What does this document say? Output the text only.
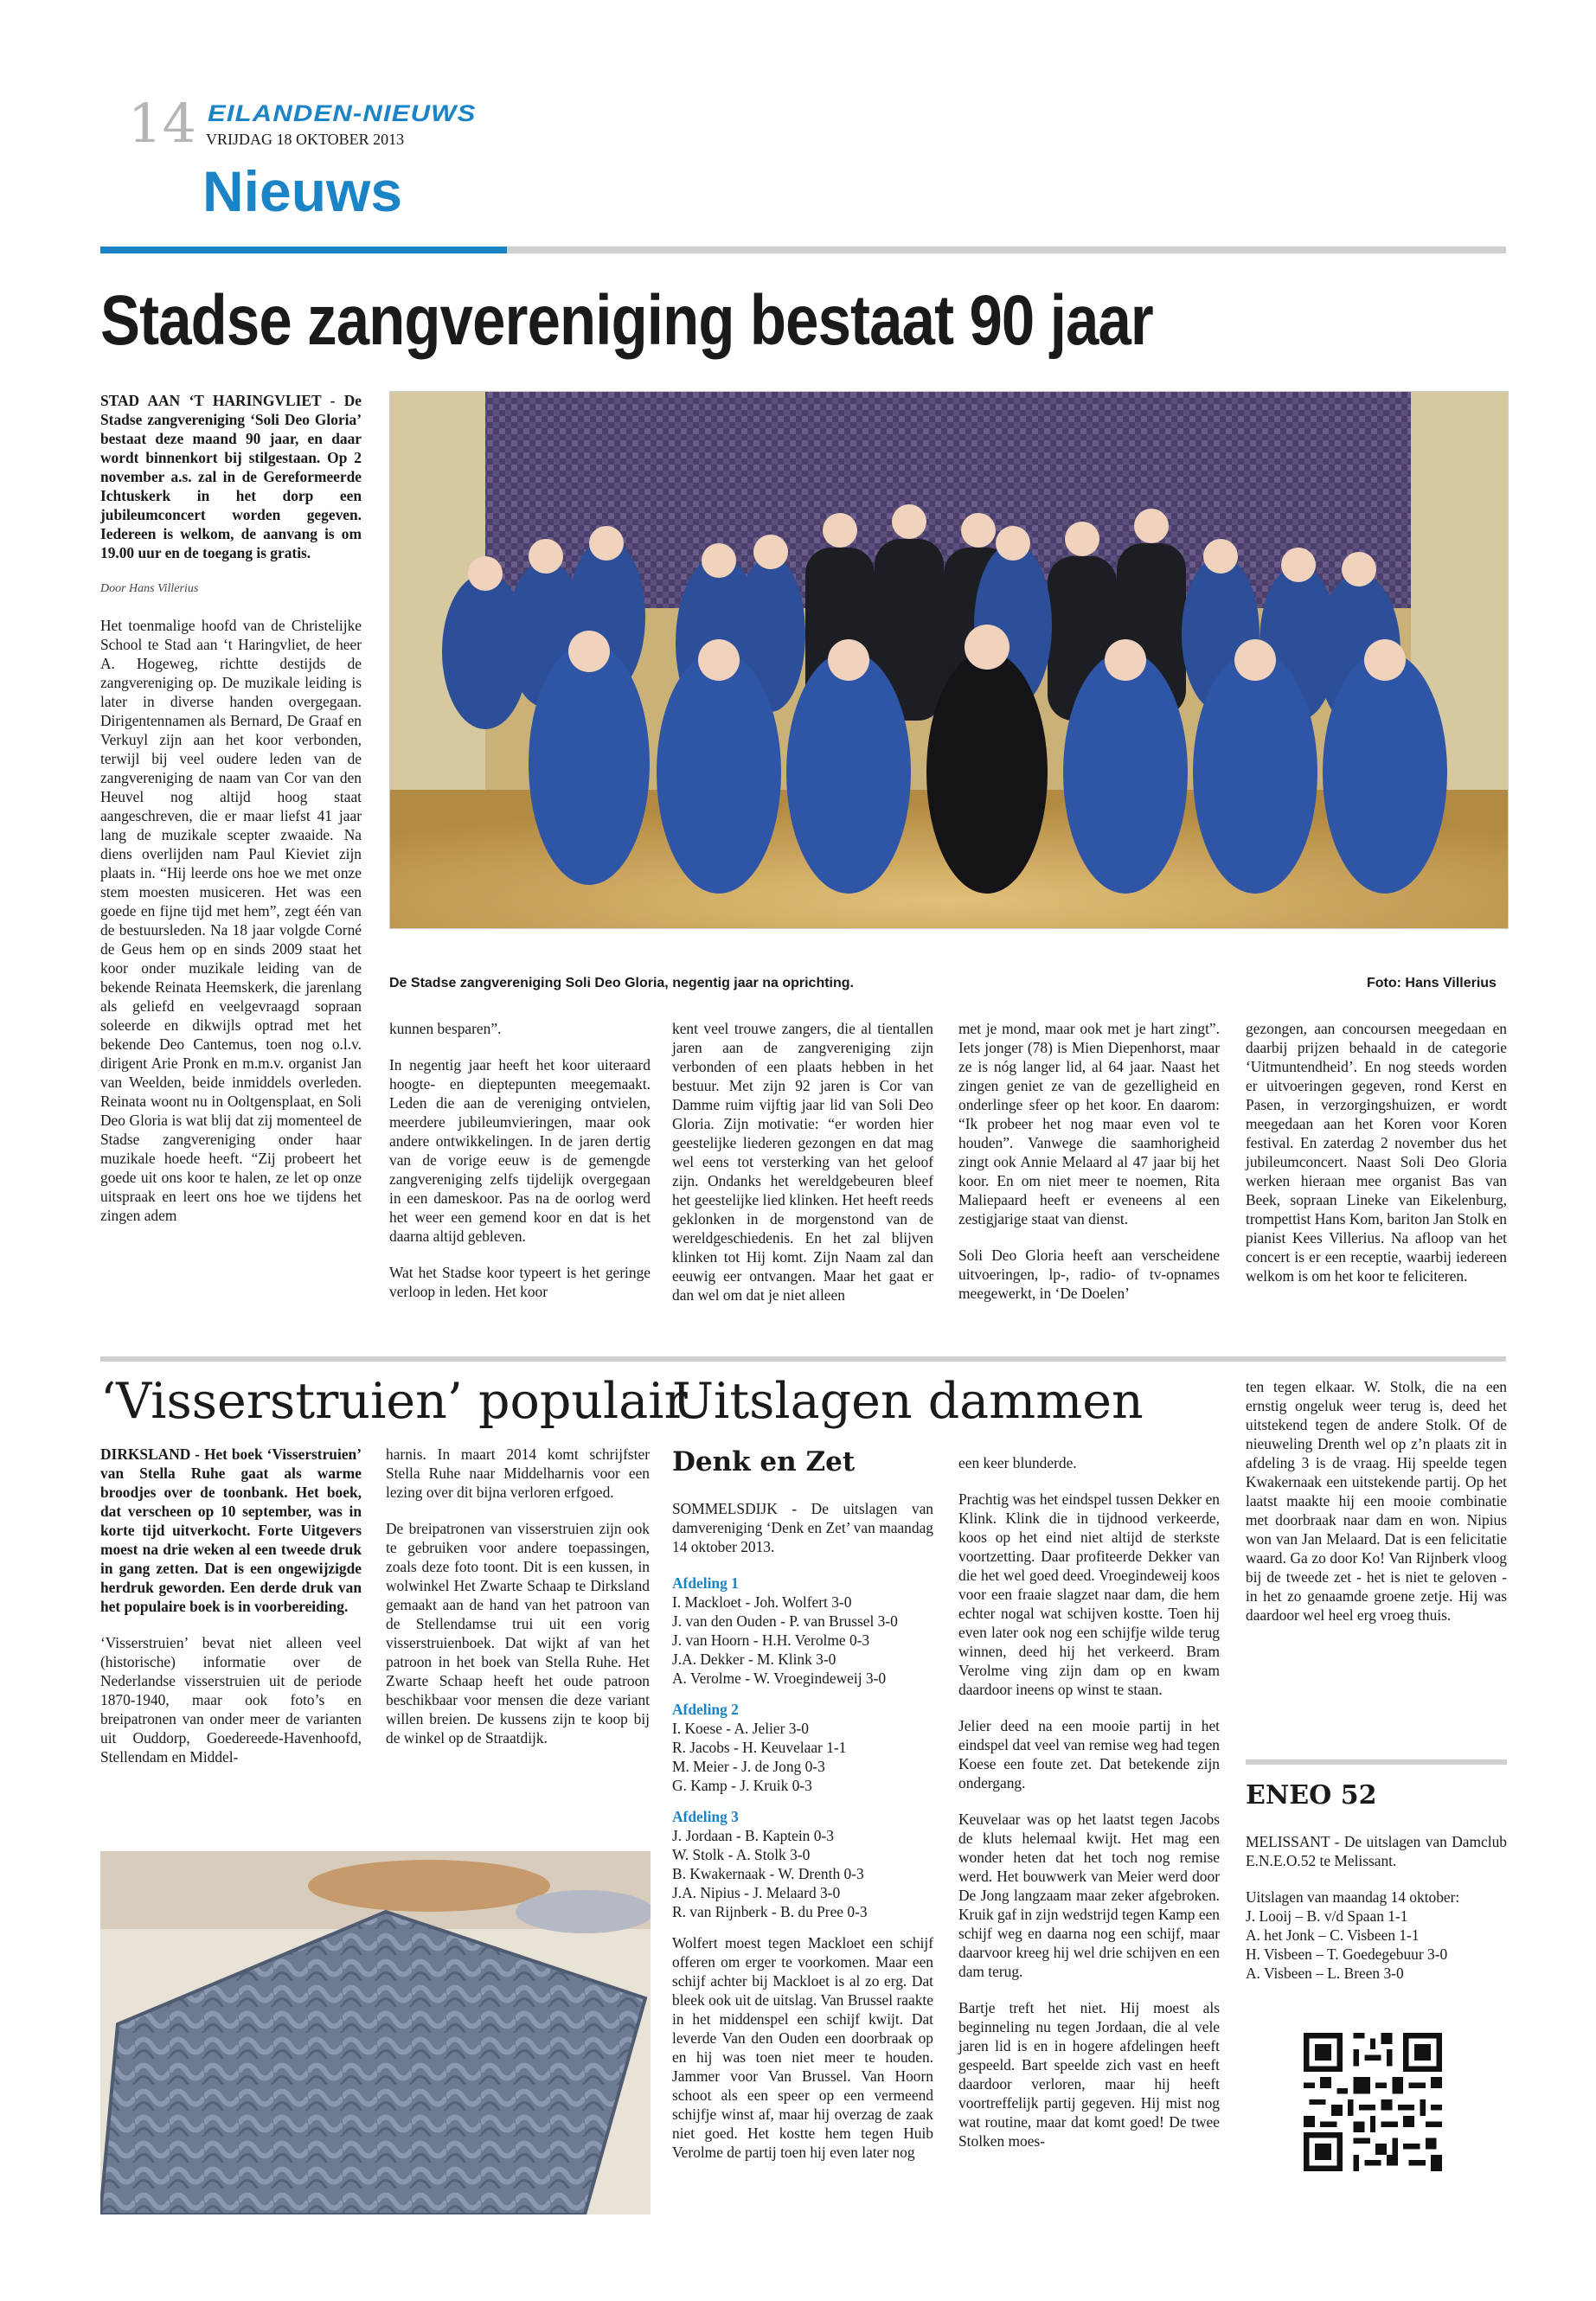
14 EILANDEN-NIEUWS
VRIJDAG 18 OKTOBER 2013
Nieuws
Stadse zangvereniging bestaat 90 jaar

STAD AAN ‘T HARINGVLIET - De Stadse zangvereniging ‘Soli Deo Gloria’ bestaat deze maand 90 jaar, en daar wordt binnenkort bij stilgestaan. Op 2 november a.s. zal in de Gereformeerde Ichtuskerk in het dorp een jubileumconcert worden gegeven. Iedereen is welkom, de aanvang is om 19.00 uur en de toegang is gratis.

Door Hans Villerius

Het toenmalige hoofd van de Christelijke School te Stad aan ‘t Haringvliet, de heer A. Hogeweg, richtte destijds de zangvereniging op. De muzikale leiding is later in diverse handen overgegaan. Dirigentennamen als Bernard, De Graaf en Verkuyl zijn aan het koor verbonden, terwijl bij veel oudere leden van de zangvereniging de naam van Cor van den Heuvel nog altijd hoog staat aangeschreven, die er maar liefst 41 jaar lang de muzikale scepter zwaaide. Na diens overlijden nam Paul Kieviet zijn plaats in. “Hij leerde ons hoe we met onze stem moesten musiceren. Het was een goede en fijne tijd met hem”, zegt één van de bestuursleden. Na 18 jaar volgde Corné de Geus hem op en sinds 2009 staat het koor onder muzikale leiding van de bekende Reinata Heemskerk, die jarenlang als geliefd en veelgevraagd sopraan soleerde en dikwijls optrad met het bekende Deo Cantemus, toen nog o.l.v. dirigent Arie Pronk en m.m.v. organist Jan van Weelden, beide inmiddels overleden. Reinata woont nu in Ooltgensplaat, en Soli Deo Gloria is wat blij dat zij momenteel de Stadse zangvereniging onder haar muzikale hoede heeft. “Zij probeert het goede uit ons koor te halen, ze let op onze uitspraak en leert ons hoe we tijdens het zingen adem

De Stadse zangvereniging Soli Deo Gloria, negentig jaar na oprichting.	Foto: Hans Villerius

kunnen besparen”.

In negentig jaar heeft het koor uiteraard hoogte- en dieptepunten meegemaakt. Leden die aan de vereniging ontvielen, meerdere jubileumvieringen, maar ook andere ontwikkelingen. In de jaren dertig van de vorige eeuw is de gemengde zangvereniging zelfs tijdelijk overgegaan in een dameskoor. Pas na de oorlog werd het weer een gemend koor en dat is het daarna altijd gebleven.

Wat het Stadse koor typeert is het geringe verloop in leden. Het koor

kent veel trouwe zangers, die al tientallen jaren aan de zangvereniging zijn verbonden of een plaats hebben in het bestuur. Met zijn 92 jaren is Cor van Damme ruim vijftig jaar lid van Soli Deo Gloria. Zijn motivatie: “er worden hier geestelijke liederen gezongen en dat mag wel eens tot versterking van het geloof zijn. Ondanks het wereldgebeuren bleef het geestelijke lied klinken. Het heeft reeds geklonken in de morgenstond van de wereldgeschiedenis. En het zal blijven klinken tot Hij komt. Zijn Naam zal dan eeuwig eer ontvangen. Maar het gaat er dan wel om dat je niet alleen

met je mond, maar ook met je hart zingt”. Iets jonger (78) is Mien Diepenhorst, maar ze is nóg langer lid, al 64 jaar. Naast het zingen geniet ze van de gezelligheid en onderlinge sfeer op het koor. En daarom: “Ik probeer het nog maar even vol te houden”. Vanwege die saamhorigheid zingt ook Annie Melaard al 47 jaar bij het koor. En om niet meer te noemen, Rita Maliepaard heeft er eveneens al een zestigjarige staat van dienst.

Soli Deo Gloria heeft aan verscheidene uitvoeringen, lp-, radio- of tv-opnames meegewerkt, in ‘De Doelen’

gezongen, aan concoursen meegedaan en daarbij prijzen behaald in de categorie ‘Uitmuntendheid’. En nog steeds worden er uitvoeringen gegeven, rond Kerst en Pasen, in verzorgingshuizen, er wordt meegedaan aan het Koren voor Koren festival. En zaterdag 2 november dus het jubileumconcert. Naast Soli Deo Gloria werken hieraan mee organist Bas van Beek, sopraan Lineke van Eikelenburg, trompettist Hans Kom, bariton Jan Stolk en pianist Kees Villerius. Na afloop van het concert is er een receptie, waarbij iedereen welkom is om het koor te feliciteren.

‘Visserstruien’ populair

DIRKSLAND - Het boek ‘Visserstruien’ van Stella Ruhe gaat als warme broodjes over de toonbank. Het boek, dat verscheen op 10 september, was in korte tijd uitverkocht. Forte Uitgevers moest na drie weken al een tweede druk in gang zetten. Dat is een ongewijzigde herdruk geworden. Een derde druk van het populaire boek is in voorbereiding.

‘Visserstruien’ bevat niet alleen veel (historische) informatie over de Nederlandse visserstruien uit de periode 1870-1940, maar ook foto’s en breipatronen van onder meer de varianten uit Ouddorp, Goedereede-Havenhoofd, Stellendam en Middel-

harnis. In maart 2014 komt schrijfster Stella Ruhe naar Middelharnis voor een lezing over dit bijna verloren erfgoed.

De breipatronen van visserstruien zijn ook te gebruiken voor andere toepassingen, zoals deze foto toont. Dit is een kussen, in wolwinkel Het Zwarte Schaap te Dirksland gemaakt aan de hand van het patroon van de Stellendamse trui uit een vorig visserstruienboek. Dat wijkt af van het patroon in het boek van Stella Ruhe. Het Zwarte Schaap heeft het oude patroon beschikbaar voor mensen die deze variant willen breien. De kussens zijn te koop bij de winkel op de Straatdijk.

Uitslagen dammen
Denk en Zet

SOMMELSDIJK - De uitslagen van damvereniging ‘Denk en Zet’ van maandag 14 oktober 2013.

Afdeling 1

I. Mackloet - Joh. Wolfert 3-0

J. van den Ouden - P. van Brussel 3-0

J. van Hoorn - H.H. Verolme 0-3

J.A. Dekker - M. Klink 3-0

A. Verolme - W. Vroegindeweij 3-0

Afdeling 2

I. Koese - A. Jelier 3-0

R. Jacobs - H. Keuvelaar 1-1

M. Meier - J. de Jong 0-3

G. Kamp - J. Kruik 0-3

Afdeling 3

J. Jordaan - B. Kaptein 0-3

W. Stolk - A. Stolk 3-0

B. Kwakernaak - W. Drenth 0-3

J.A. Nipius - J. Melaard 3-0

R. van Rijnberk - B. du Pree 0-3

Wolfert moest tegen Mackloet een schijf offeren om erger te voorkomen. Maar een schijf achter bij Mackloet is al zo erg. Dat bleek ook uit de uitslag. Van Brussel raakte in het middenspel een schijf kwijt. Dat leverde Van den Ouden een doorbraak op en hij was toen niet meer te houden. Jammer voor Van Brussel. Van Hoorn schoot als een speer op een vermeend schijfje winst af, maar hij overzag de zaak niet goed. Het kostte hem tegen Huib Verolme de partij toen hij even later nog

een keer blunderde.

Prachtig was het eindspel tussen Dekker en Klink. Klink die in tijdnood verkeerde, koos op het eind niet altijd de sterkste voortzetting. Daar profiteerde Dekker van die het wel goed deed. Vroegindeweij koos voor een fraaie slagzet naar dam, die hem echter nogal wat schijven kostte. Toen hij even later ook nog een schijfje wilde terug winnen, deed hij het verkeerd. Bram Verolme ving zijn dam op en kwam daardoor ineens op winst te staan.

Jelier deed na een mooie partij in het eindspel dat veel van remise weg had tegen Koese een foute zet. Dat betekende zijn ondergang.

Keuvelaar was op het laatst tegen Jacobs de kluts helemaal kwijt. Het mag een wonder heten dat het toch nog remise werd. Het bouwwerk van Meier werd door De Jong langzaam maar zeker afgebroken. Kruik gaf in zijn wedstrijd tegen Kamp een schijf weg en daarna nog een schijf, maar daarvoor kreeg hij wel drie schijven en een dam terug.

Bartje treft het niet. Hij moest als beginneling nu tegen Jordaan, die al vele jaren lid is en in hogere afdelingen heeft gespeeld. Bart speelde zich vast en heeft daardoor verloren, maar hij heeft voortreffelijk partij gegeven. Hij mist nog wat routine, maar dat komt goed! De twee Stolken moes-

ten tegen elkaar. W. Stolk, die na een ernstig ongeluk weer terug is, deed het uitstekend tegen de andere Stolk. Of de nieuweling Drenth wel op z’n plaats zit in afdeling 3 is de vraag. Hij speelde tegen Kwakernaak een uitstekende partij. Op het laatst maakte hij een mooie combinatie met doorbraak naar dam en won. Nipius won van Jan Melaard. Dat is een felicitatie waard. Ga zo door Ko! Van Rijnberk vloog bij de tweede zet - het is niet te geloven - in het zo genaamde groene zetje. Hij was daardoor wel heel erg vroeg thuis.

ENEO 52

MELISSANT - De uitslagen van Damclub E.N.E.O.52 te Melissant.

Uitslagen van maandag 14 oktober:

J. Looij – B. v/d Spaan 1-1

A. het Jonk – C. Visbeen 1-1

H. Visbeen – T. Goedegebuur 3-0

A. Visbeen – L. Breen 3-0
